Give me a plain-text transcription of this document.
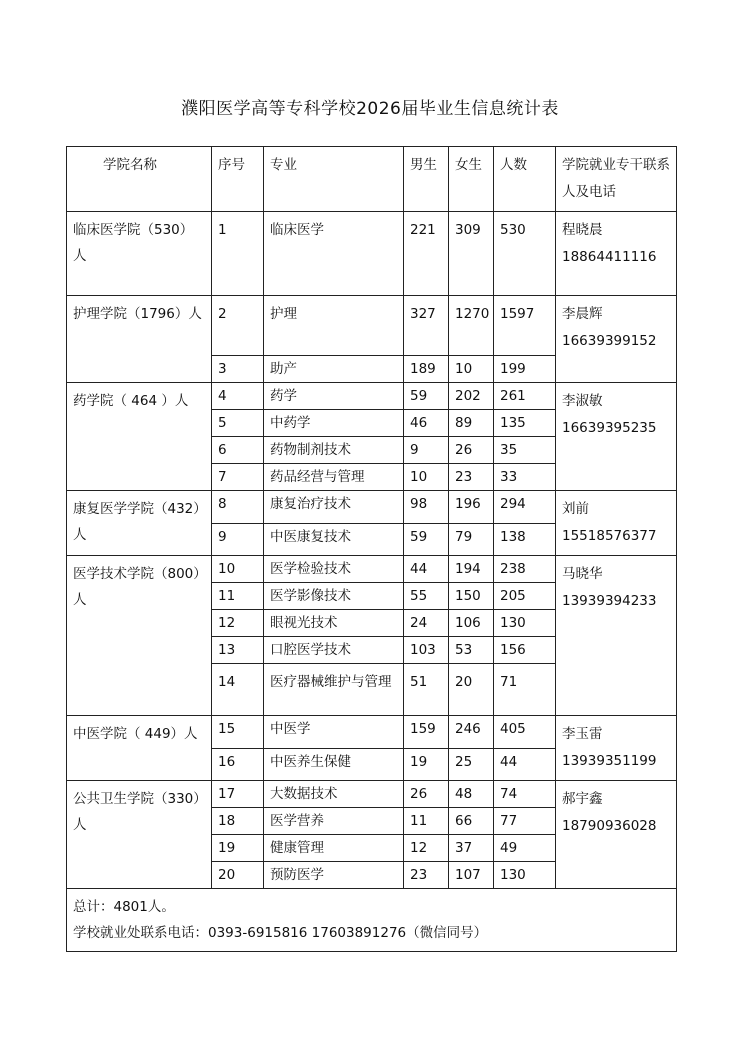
濮阳医学高等专科学校2026届毕业生信息统计表
学院名称	序号	专业	男生	女生	人数	学院就业专干联系人及电话
临床医学院（530）人	1	临床医学	221	309	530	程晓晨
18864411116

护理学院（1796）人	2	护理	327	1270	1597	李晨辉
16639399152

	3	助产	189	10	199	
药学院（ 464 ）人	4	药学	59	202	261	李淑敏
16639395235

	5	中药学	46	89	135	
	6	药物制剂技术	9	26	35	
	7	药品经营与管理	10	23	33	
康复医学学院（432）人	8	康复治疗技术	98	196	294	刘前
15518576377

	9	中医康复技术	59	79	138	
医学技术学院（800）人	10	医学检验技术	44	194	238	马晓华
13939394233

	11	医学影像技术	55	150	205	
	12	眼视光技术	24	106	130	
	13	口腔医学技术	103	53	156	
	14	医疗器械维护与管理	51	20	71	
中医学院（ 449）人	15	中医学	159	246	405	李玉雷
13939351199

	16	中医养生保健	19	25	44	
公共卫生学院（330）人	17	大数据技术	26	48	74	郝宇鑫
18790936028

	18	医学营养	11	66	77	
	19	健康管理	12	37	49	
	20	预防医学	23	107	130	

总计：4801人。
学校就业处联系电话：0393-6915816 17603891276（微信同号）						
